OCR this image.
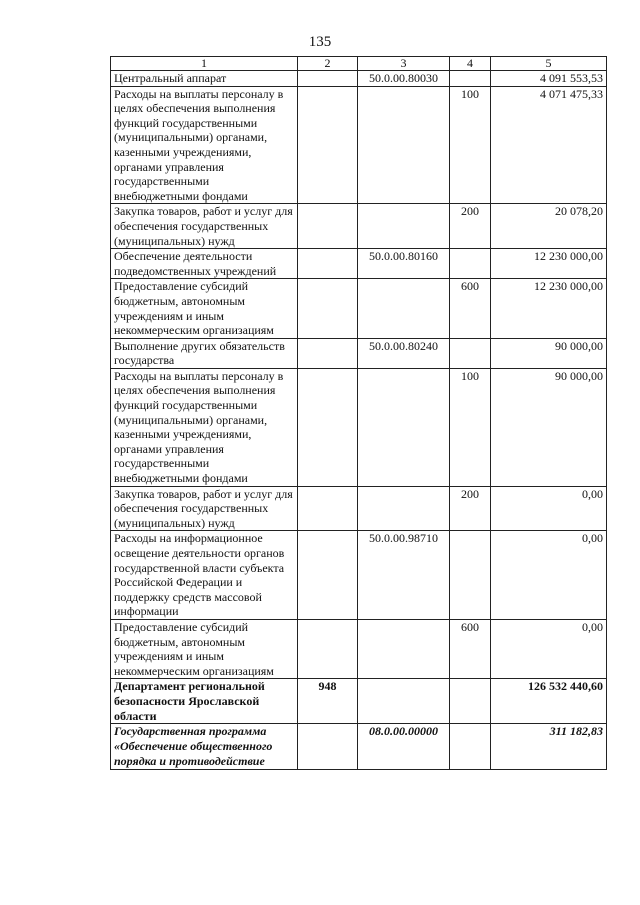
135
1	2	3	4	5
Центральный аппарат		50.0.00.80030		4 091 553,53
Расходы на выплаты персоналу в целях обеспечения выполнения функций государственными (муниципальными) органами, казенными учреждениями, органами управления государственными внебюджетными фондами			100	4 071 475,33
Закупка товаров, работ и услуг для обеспечения государственных (муниципальных) нужд			200	20 078,20
Обеспечение деятельности подведомственных учреждений		50.0.00.80160		12 230 000,00
Предоставление субсидий бюджетным, автономным учреждениям и иным некоммерческим организациям			600	12 230 000,00
Выполнение других обязательств государства		50.0.00.80240		90 000,00
Расходы на выплаты персоналу в целях обеспечения выполнения функций государственными (муниципальными) органами, казенными учреждениями, органами управления государственными внебюджетными фондами			100	90 000,00
Закупка товаров, работ и услуг для обеспечения государственных (муниципальных) нужд			200	0,00
Расходы на информационное освещение деятельности органов государственной власти субъекта Российской Федерации и поддержку средств массовой информации		50.0.00.98710		0,00
Предоставление субсидий бюджетным, автономным учреждениям и иным некоммерческим организациям			600	0,00
Департамент региональной безопасности Ярославской области	948			126 532 440,60
Государственная программа «Обеспечение общественного порядка и противодействие		08.0.00.00000		311 182,83
